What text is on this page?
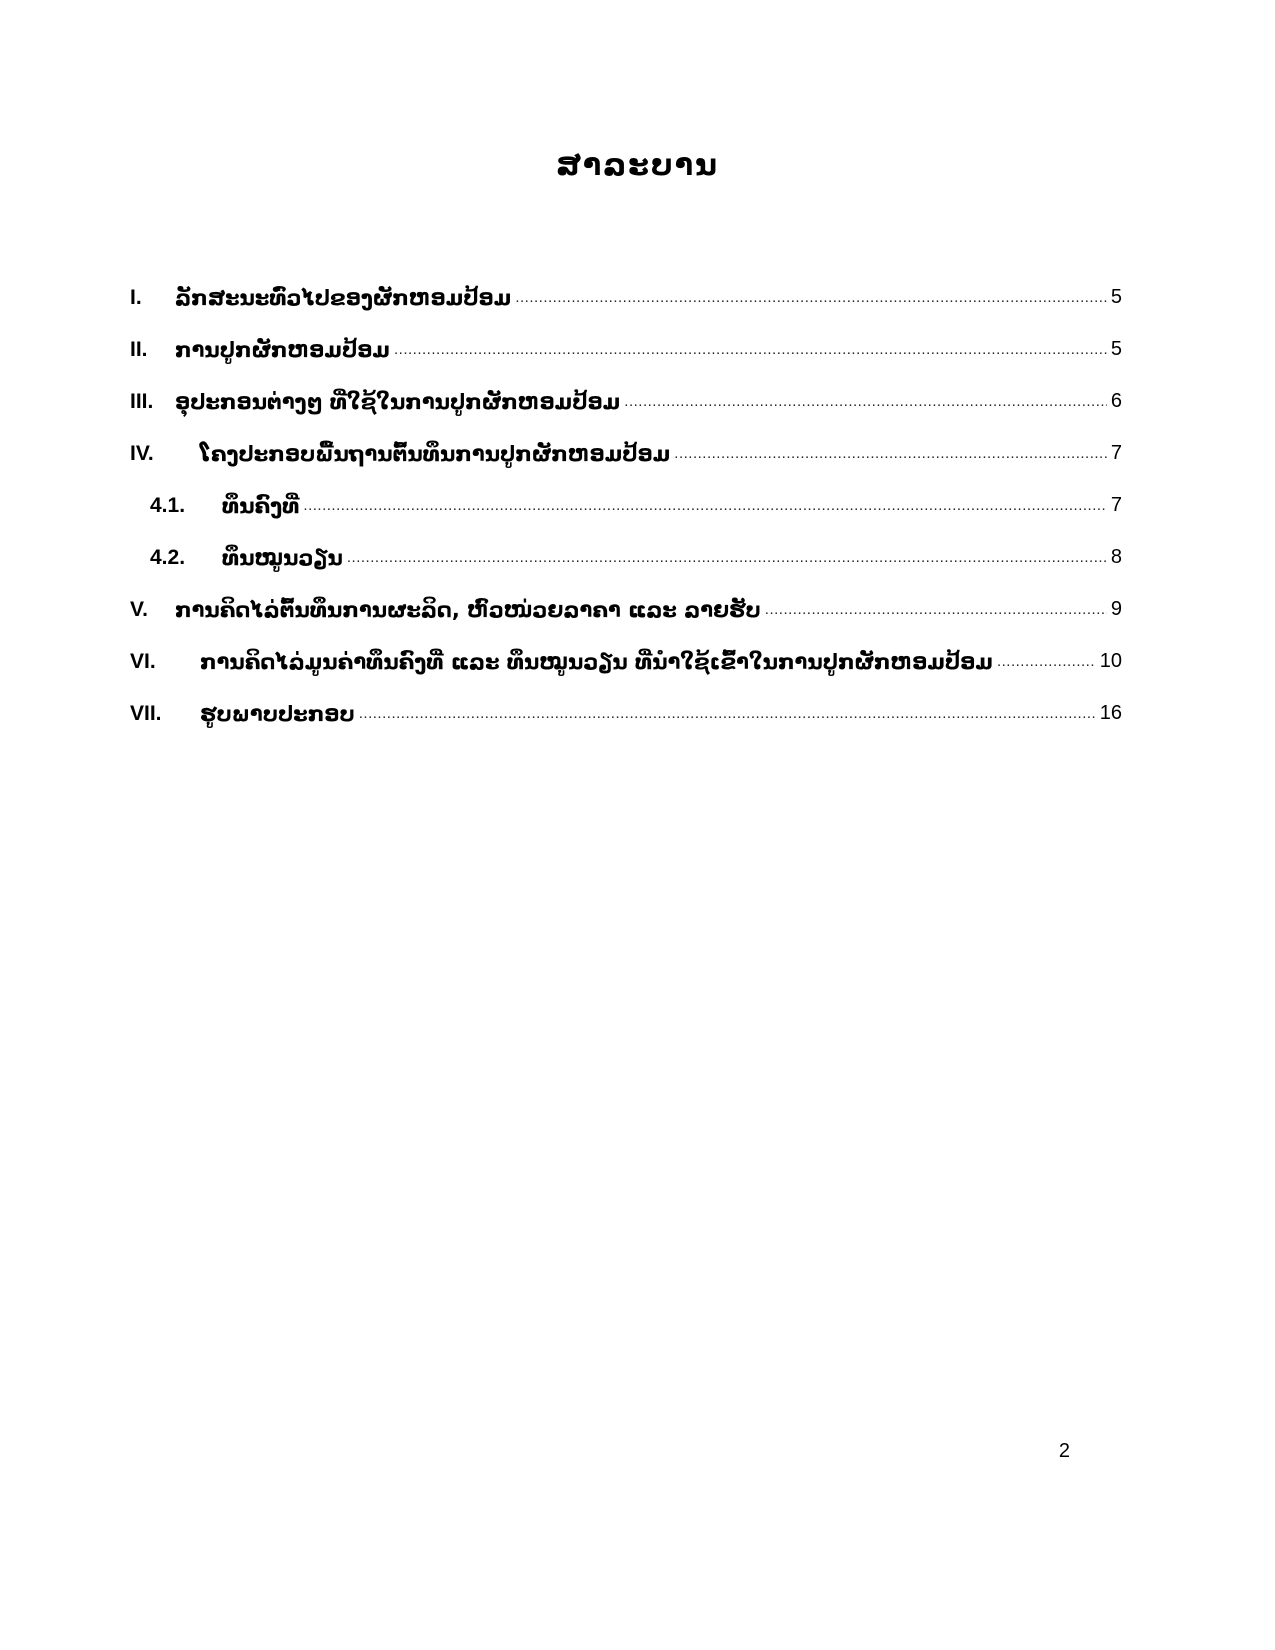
ສາລະບານ
I.	ລັກສະນະທົ່ວໄປຂອງຜັກຫອມປ້ອມ .....	5
II.	ການປູກຜັກຫອມປ້ອມ .....	5
III.	ອຸປະກອນຕ່າງໆ ທີ່ໃຊ້ໃນການປູກຜັກຫອມປ້ອມ .....	6
IV.	ໂຄງປະກອບພື້ນຖານຕົ້ນທຶນການປູກຜັກຫອມປ້ອມ .....	7
4.1.	ທຶນຄົງທີ່ .....	7
4.2.	ທຶນໝູນວຽນ .....	8
V.	ການຄິດໄລ່ຕົ້ນທຶນການຜະລິດ, ຫົວໜ່ວຍລາຄາ ແລະ ລາຍຮັບ .....	9
VI.	ການຄິດໄລ່ມູນຄ່າທຶນຄົງທີ່ ແລະ ທຶນໝູນວຽນ ທີ່ນໍາໃຊ້ເຂົ້າໃນການປູກຜັກຫອມປ້ອມ .....	10
VII.	ຮູບພາບປະກອບ .....	16
2
